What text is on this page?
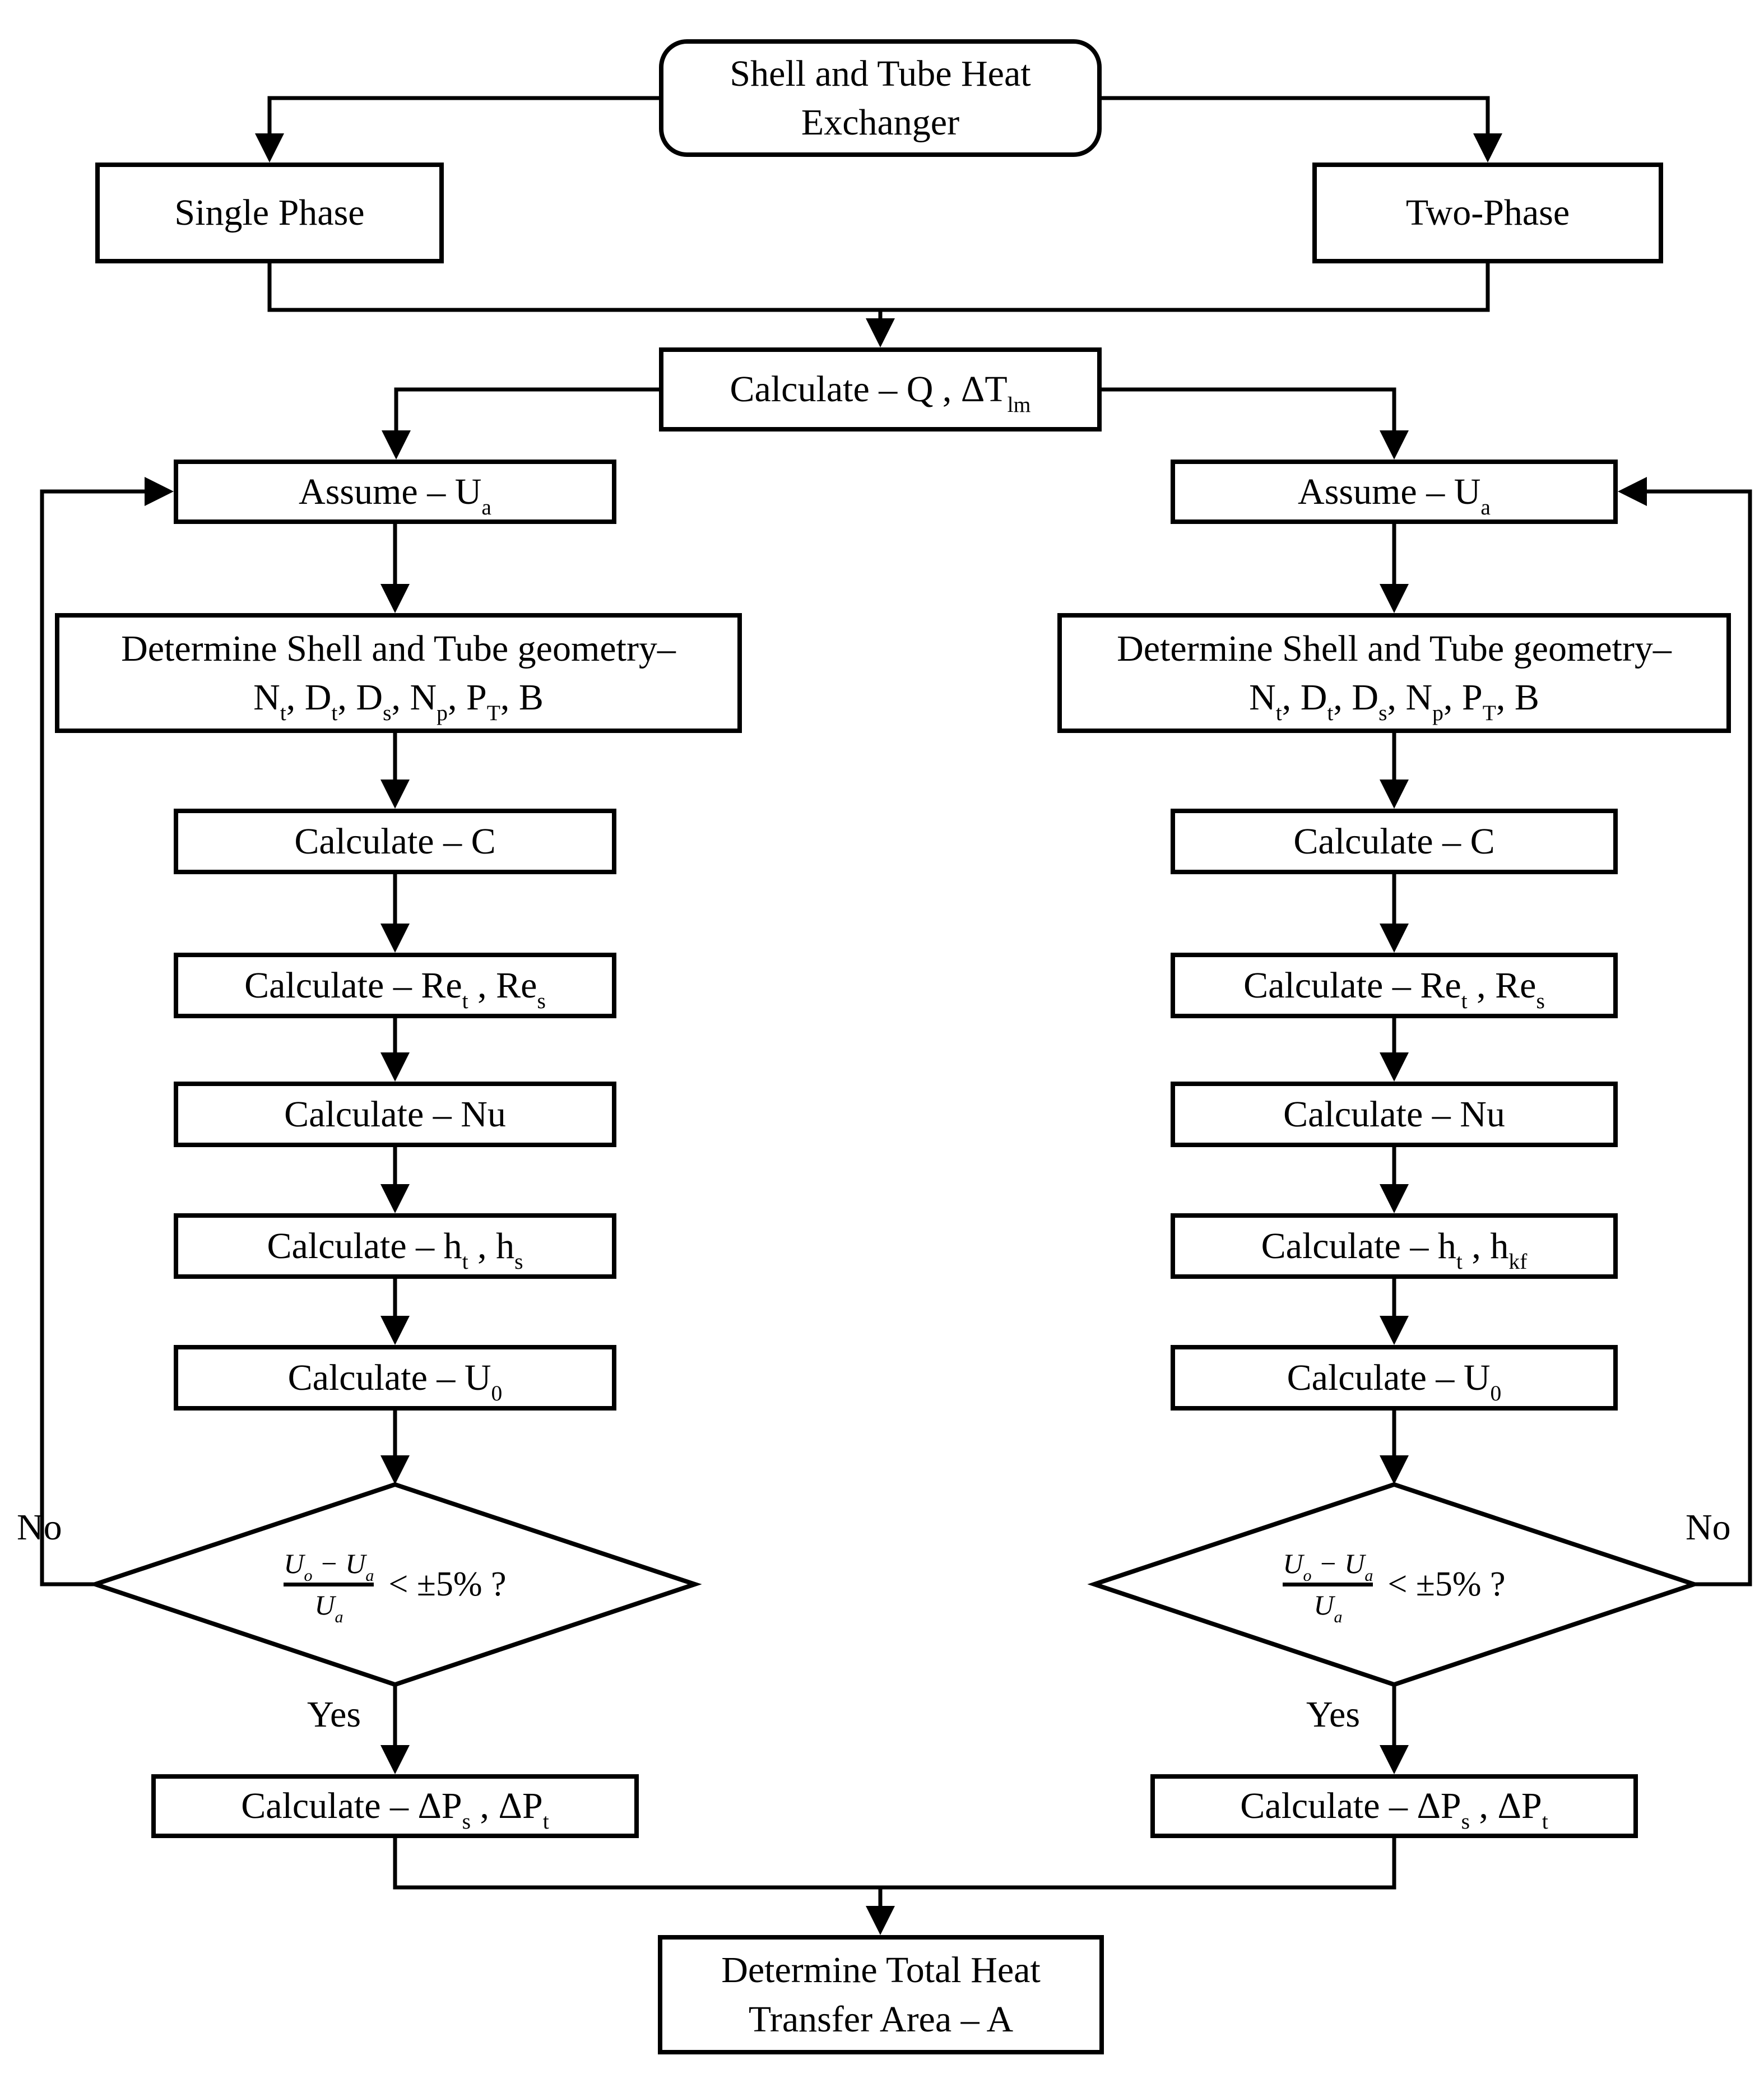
Shell and Tube Heat
Exchanger
Single Phase	Two-Phase
Calculate – Q , $\Delta T_{lm}$
Assume – $U_a$	Assume – $U_a$
Determine Shell and Tube geometry–
$N_t$, $D_t$, $D_s$, $N_p$, $P_T$, B
Determine Shell and Tube geometry–
$N_t$, $D_t$, $D_s$, $N_p$, $P_T$, B
Calculate – C	Calculate – C
Calculate – $Re_t$ , $Re_s$	Calculate – $Re_t$ , $Re_s$
Calculate – Nu	Calculate – Nu
Calculate – $h_t$ , $h_s$	Calculate – $h_t$ , $h_{kf}$
Calculate – $U_0$	Calculate – $U_0$
Calculate – $\Delta P_s$ , $\Delta P_t$	Calculate – $\Delta P_s$ , $\Delta P_t$
Determine Total Heat
Transfer Area – A
$U_o - U_a$
$U_a$
< ±5% ?
$U_o - U_a$
$U_a$
< ±5% ?
No	No
Yes	Yes
